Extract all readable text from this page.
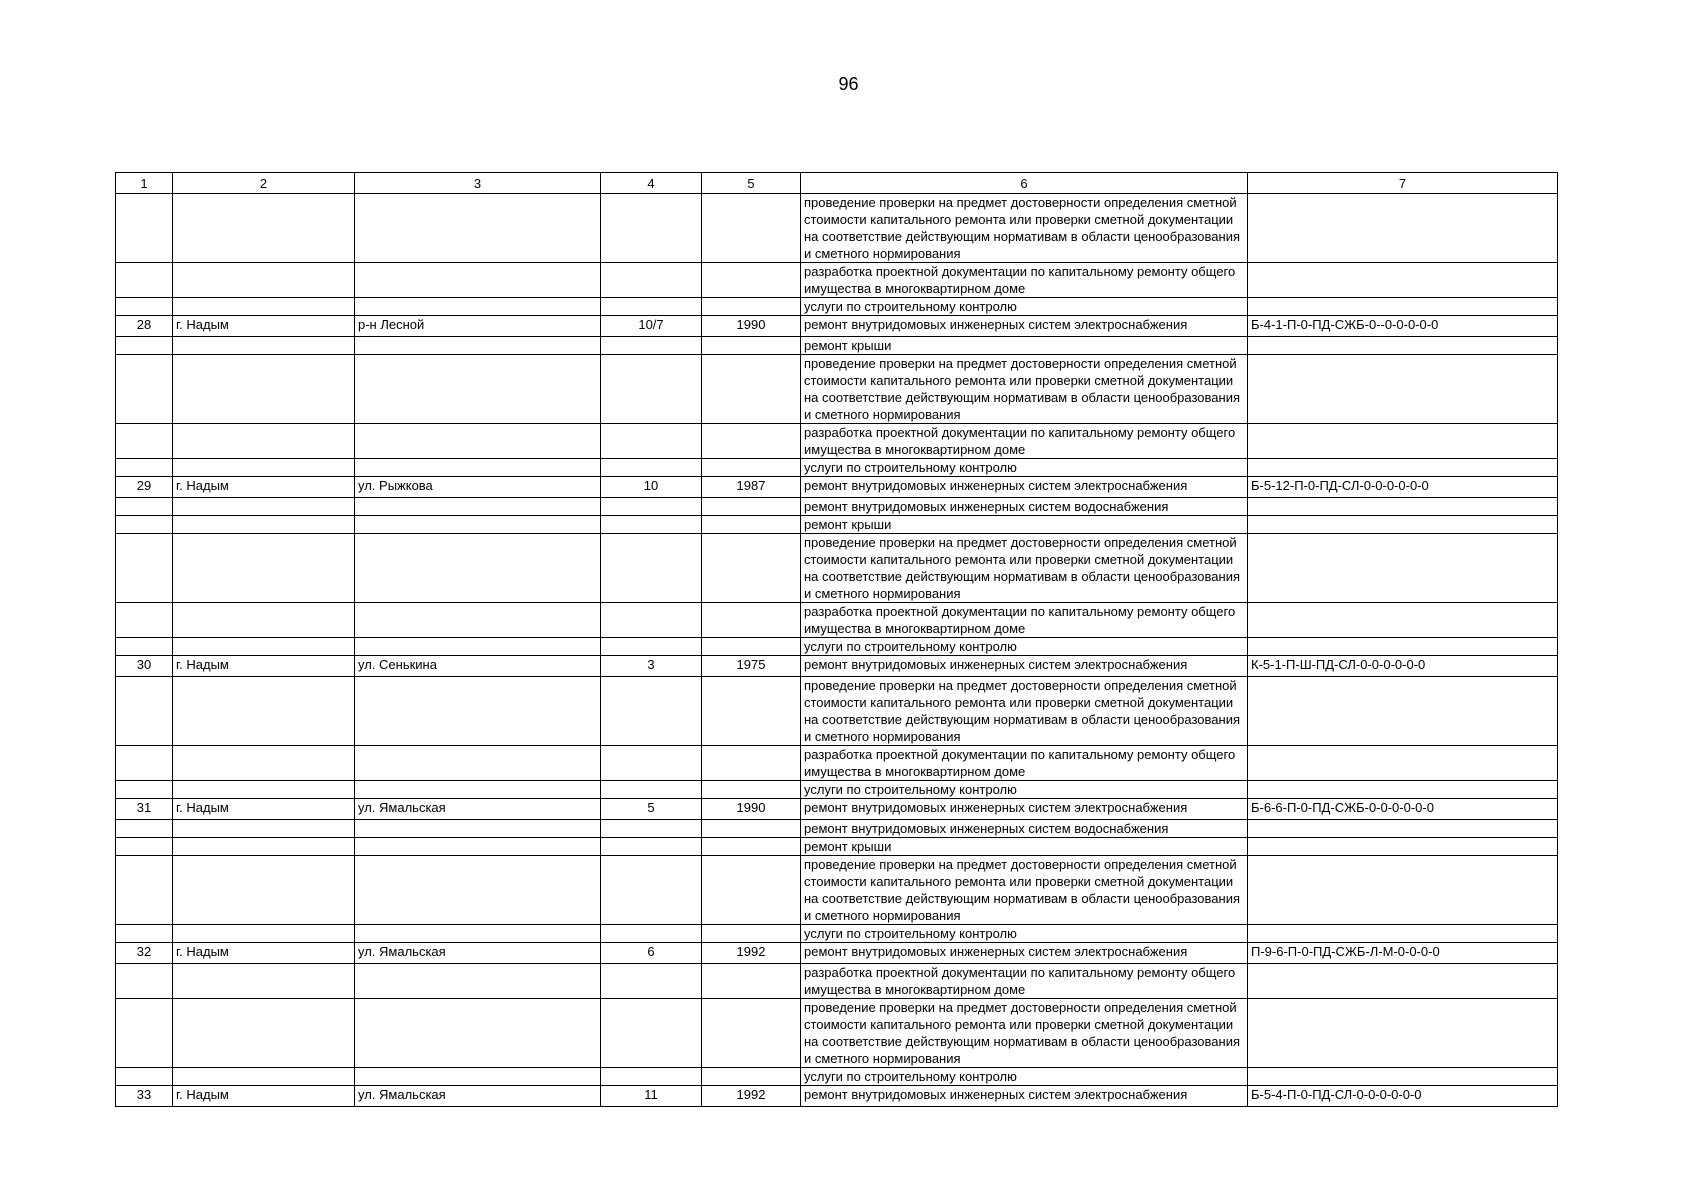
96
1	2	3	4	5	6	7
					проведение проверки на предмет достоверности определения сметной стоимости капитального ремонта или проверки сметной документации на соответствие действующим нормативам в области ценообразования и сметного нормирования	
					разработка проектной документации по капитальному ремонту общего имущества в многоквартирном доме	
					услуги по строительному контролю	
28	г. Надым	р-н Лесной	10/7	1990	ремонт внутридомовых инженерных систем электроснабжения	Б-4-1-П-0-ПД-СЖБ-0--0-0-0-0-0
					ремонт крыши	
					проведение проверки на предмет достоверности определения сметной стоимости капитального ремонта или проверки сметной документации на соответствие действующим нормативам в области ценообразования и сметного нормирования	
					разработка проектной документации по капитальному ремонту общего имущества в многоквартирном доме	
					услуги по строительному контролю	
29	г. Надым	ул. Рыжкова	10	1987	ремонт внутридомовых инженерных систем электроснабжения	Б-5-12-П-0-ПД-СЛ-0-0-0-0-0-0
					ремонт внутридомовых инженерных систем водоснабжения	
					ремонт крыши	
					проведение проверки на предмет достоверности определения сметной стоимости капитального ремонта или проверки сметной документации на соответствие действующим нормативам в области ценообразования и сметного нормирования	
					разработка проектной документации по капитальному ремонту общего имущества в многоквартирном доме	
					услуги по строительному контролю	
30	г. Надым	ул. Сенькина	3	1975	ремонт внутридомовых инженерных систем электроснабжения	К-5-1-П-Ш-ПД-СЛ-0-0-0-0-0-0
					проведение проверки на предмет достоверности определения сметной стоимости капитального ремонта или проверки сметной документации на соответствие действующим нормативам в области ценообразования и сметного нормирования	
					разработка проектной документации по капитальному ремонту общего имущества в многоквартирном доме	
					услуги по строительному контролю	
31	г. Надым	ул. Ямальская	5	1990	ремонт внутридомовых инженерных систем электроснабжения	Б-6-6-П-0-ПД-СЖБ-0-0-0-0-0-0
					ремонт внутридомовых инженерных систем водоснабжения	
					ремонт крыши	
					проведение проверки на предмет достоверности определения сметной стоимости капитального ремонта или проверки сметной документации на соответствие действующим нормативам в области ценообразования и сметного нормирования	
					услуги по строительному контролю	
32	г. Надым	ул. Ямальская	6	1992	ремонт внутридомовых инженерных систем электроснабжения	П-9-6-П-0-ПД-СЖБ-Л-М-0-0-0-0
					разработка проектной документации по капитальному ремонту общего имущества в многоквартирном доме	
					проведение проверки на предмет достоверности определения сметной стоимости капитального ремонта или проверки сметной документации на соответствие действующим нормативам в области ценообразования и сметного нормирования	
					услуги по строительному контролю	
33	г. Надым	ул. Ямальская	11	1992	ремонт внутридомовых инженерных систем электроснабжения	Б-5-4-П-0-ПД-СЛ-0-0-0-0-0-0
